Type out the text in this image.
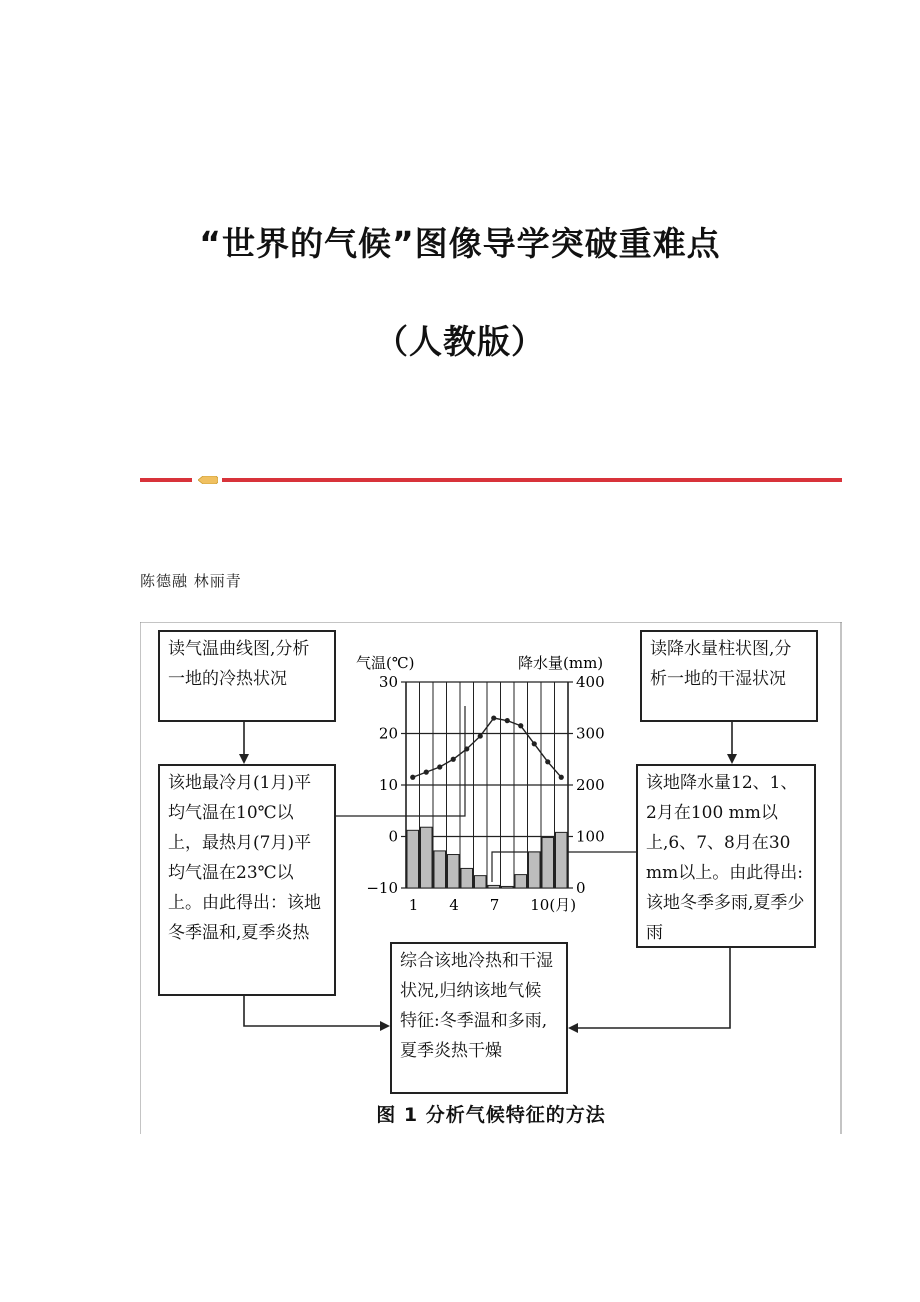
“世界的气候”图像导学突破重难点
（人教版）
陈德融 林丽青
30
20
10
0
−10
400
300
200
100
0
1 4 7 10(月)
气温(℃)	降水量(mm)
读气温曲线图,分析一地的冷热状况
读降水量柱状图,分析一地的干湿状况
该地最冷月(1月)平均气温在10℃以上，最热月(7月)平均气温在23℃以上。由此得出：该地冬季温和,夏季炎热
该地降水量12、1、2月在100 mm以上,6、7、8月在30 mm以上。由此得出:该地冬季多雨,夏季少雨
综合该地冷热和干湿状况,归纳该地气候特征:冬季温和多雨,夏季炎热干燥
图 1 分析气候特征的方法
